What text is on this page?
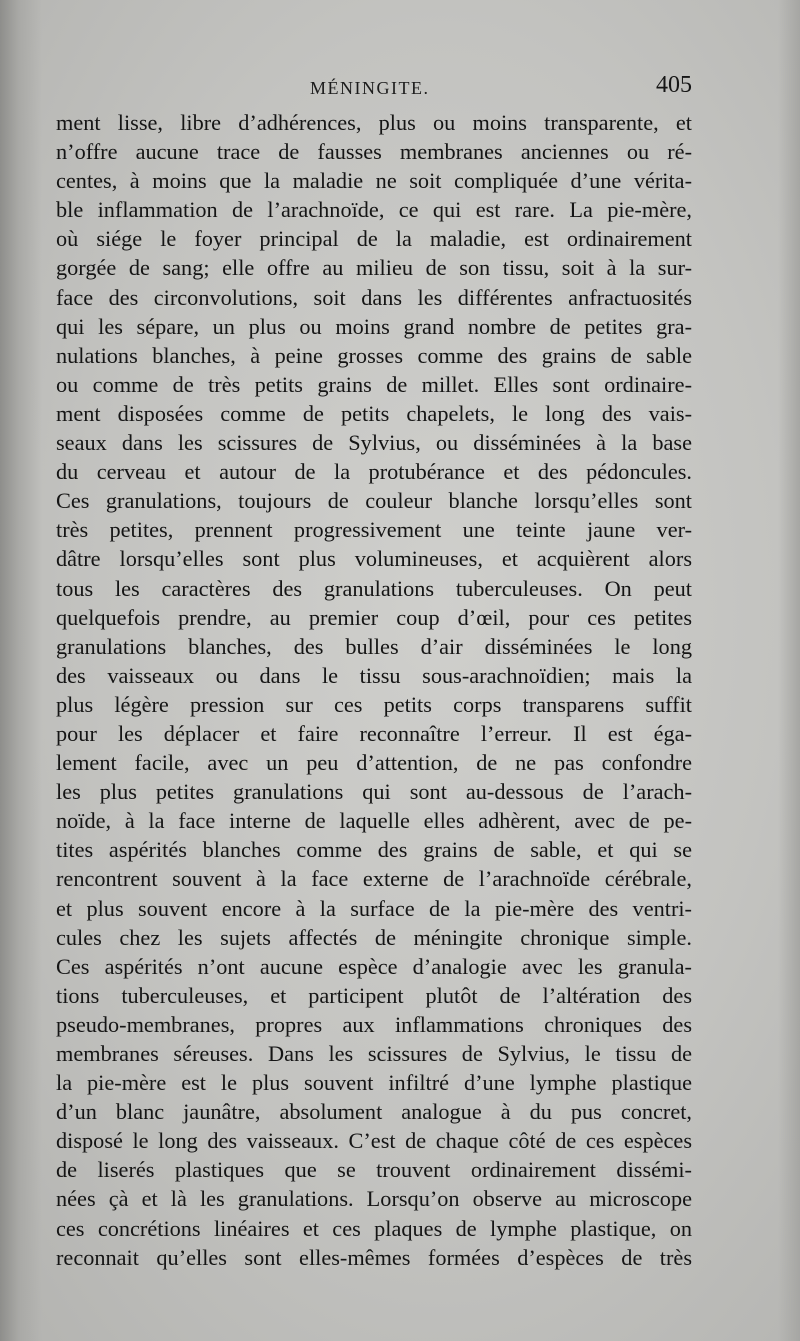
MÉNINGITE.	405
ment lisse, libre d’adhérences, plus ou moins transparente, et
n’offre aucune trace de fausses membranes anciennes ou ré-
centes, à moins que la maladie ne soit compliquée d’une vérita-
ble inflammation de l’arachnoïde, ce qui est rare. La pie-mère,
où siége le foyer principal de la maladie, est ordinairement
gorgée de sang; elle offre au milieu de son tissu, soit à la sur-
face des circonvolutions, soit dans les différentes anfractuosités
qui les sépare, un plus ou moins grand nombre de petites gra-
nulations blanches, à peine grosses comme des grains de sable
ou comme de très petits grains de millet. Elles sont ordinaire-
ment disposées comme de petits chapelets, le long des vais-
seaux dans les scissures de Sylvius, ou disséminées à la base
du cerveau et autour de la protubérance et des pédoncules.
Ces granulations, toujours de couleur blanche lorsqu’elles sont
très petites, prennent progressivement une teinte jaune ver-
dâtre lorsqu’elles sont plus volumineuses, et acquièrent alors
tous les caractères des granulations tuberculeuses. On peut
quelquefois prendre, au premier coup d’œil, pour ces petites
granulations blanches, des bulles d’air disséminées le long
des vaisseaux ou dans le tissu sous-arachnoïdien; mais la
plus légère pression sur ces petits corps transparens suffit
pour les déplacer et faire reconnaître l’erreur. Il est éga-
lement facile, avec un peu d’attention, de ne pas confondre
les plus petites granulations qui sont au-dessous de l’arach-
noïde, à la face interne de laquelle elles adhèrent, avec de pe-
tites aspérités blanches comme des grains de sable, et qui se
rencontrent souvent à la face externe de l’arachnoïde cérébrale,
et plus souvent encore à la surface de la pie-mère des ventri-
cules chez les sujets affectés de méningite chronique simple.
Ces aspérités n’ont aucune espèce d’analogie avec les granula-
tions tuberculeuses, et participent plutôt de l’altération des
pseudo-membranes, propres aux inflammations chroniques des
membranes séreuses. Dans les scissures de Sylvius, le tissu de
la pie-mère est le plus souvent infiltré d’une lymphe plastique
d’un blanc jaunâtre, absolument analogue à du pus concret,
disposé le long des vaisseaux. C’est de chaque côté de ces espèces
de liserés plastiques que se trouvent ordinairement dissémi-
nées çà et là les granulations. Lorsqu’on observe au microscope
ces concrétions linéaires et ces plaques de lymphe plastique, on
reconnait qu’elles sont elles-mêmes formées d’espèces de très
